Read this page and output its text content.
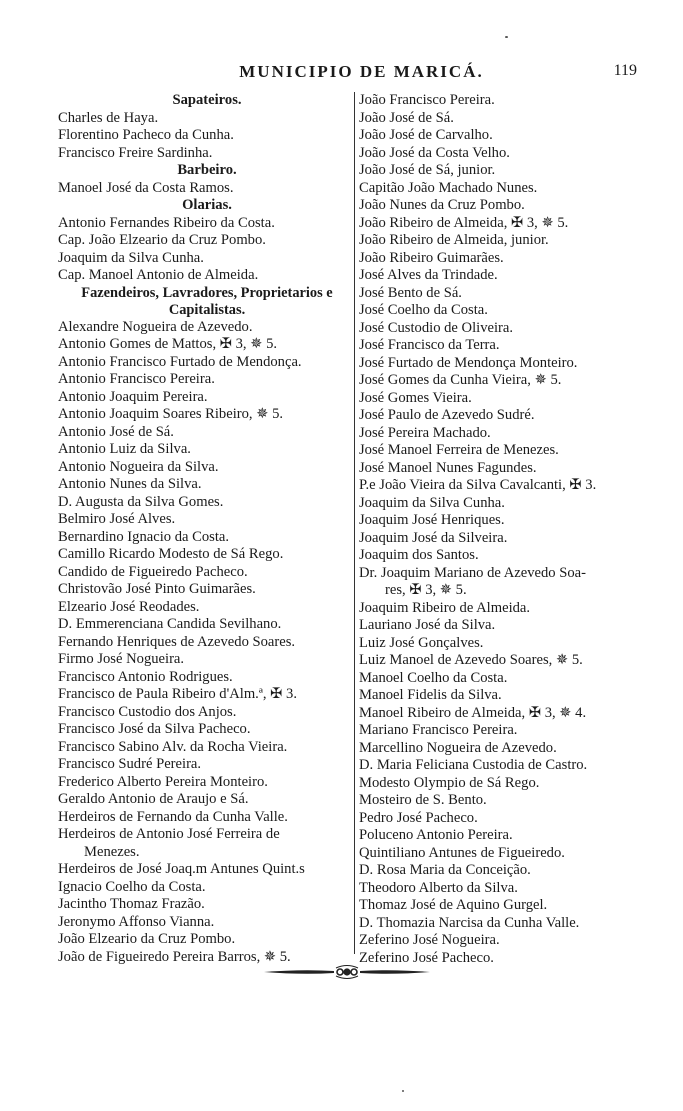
MUNICIPIO DE MARICÁ.	119
Sapateiros.
Charles de Haya.
Florentino Pacheco da Cunha.
Francisco Freire Sardinha.
Barbeiro.
Manoel José da Costa Ramos.
Olarias.
Antonio Fernandes Ribeiro da Costa.
Cap. João Elzeario da Cruz Pombo.
Joaquim da Silva Cunha.
Cap. Manoel Antonio de Almeida.
Fazendeiros, Lavradores, Proprietarios e Capitalistas.
Alexandre Nogueira de Azevedo.
Antonio Gomes de Mattos, ✠ 3, ✵ 5.
Antonio Francisco Furtado de Mendonça.
Antonio Francisco Pereira.
Antonio Joaquim Pereira.
Antonio Joaquim Soares Ribeiro, ✵ 5.
Antonio José de Sá.
Antonio Luiz da Silva.
Antonio Nogueira da Silva.
Antonio Nunes da Silva.
D. Augusta da Silva Gomes.
Belmiro José Alves.
Bernardino Ignacio da Costa.
Camillo Ricardo Modesto de Sá Rego.
Candido de Figueiredo Pacheco.
Christovão José Pinto Guimarães.
Elzeario José Reodades.
D. Emmerenciana Candida Sevilhano.
Fernando Henriques de Azevedo Soares.
Firmo José Nogueira.
Francisco Antonio Rodrigues.
Francisco de Paula Ribeiro d'Alm.ª, ✠ 3.
Francisco Custodio dos Anjos.
Francisco José da Silva Pacheco.
Francisco Sabino Alv. da Rocha Vieira.
Francisco Sudré Pereira.
Frederico Alberto Pereira Monteiro.
Geraldo Antonio de Araujo e Sá.
Herdeiros de Fernando da Cunha Valle.
Herdeiros de Antonio José Ferreira de
Menezes.
Herdeiros de José Joaq.m Antunes Quint.s
Ignacio Coelho da Costa.
Jacintho Thomaz Frazão.
Jeronymo Affonso Vianna.
João Elzeario da Cruz Pombo.
João de Figueiredo Pereira Barros, ✵ 5.
João Francisco Pereira.
João José de Sá.
João José de Carvalho.
João José da Costa Velho.
João José de Sá, junior.
Capitão João Machado Nunes.
João Nunes da Cruz Pombo.
João Ribeiro de Almeida, ✠ 3, ✵ 5.
João Ribeiro de Almeida, junior.
João Ribeiro Guimarães.
José Alves da Trindade.
José Bento de Sá.
José Coelho da Costa.
José Custodio de Oliveira.
José Francisco da Terra.
José Furtado de Mendonça Monteiro.
José Gomes da Cunha Vieira, ✵ 5.
José Gomes Vieira.
José Paulo de Azevedo Sudré.
José Pereira Machado.
José Manoel Ferreira de Menezes.
José Manoel Nunes Fagundes.
P.e João Vieira da Silva Cavalcanti, ✠ 3.
Joaquim da Silva Cunha.
Joaquim José Henriques.
Joaquim José da Silveira.
Joaquim dos Santos.
Dr. Joaquim Mariano de Azevedo Soa-
res, ✠ 3, ✵ 5.
Joaquim Ribeiro de Almeida.
Lauriano José da Silva.
Luiz José Gonçalves.
Luiz Manoel de Azevedo Soares, ✵ 5.
Manoel Coelho da Costa.
Manoel Fidelis da Silva.
Manoel Ribeiro de Almeida, ✠ 3, ✵ 4.
Mariano Francisco Pereira.
Marcellino Nogueira de Azevedo.
D. Maria Feliciana Custodia de Castro.
Modesto Olympio de Sá Rego.
Mosteiro de S. Bento.
Pedro José Pacheco.
Poluceno Antonio Pereira.
Quintiliano Antunes de Figueiredo.
D. Rosa Maria da Conceição.
Theodoro Alberto da Silva.
Thomaz José de Aquino Gurgel.
D. Thomazia Narcisa da Cunha Valle.
Zeferino José Nogueira.
Zeferino José Pacheco.
